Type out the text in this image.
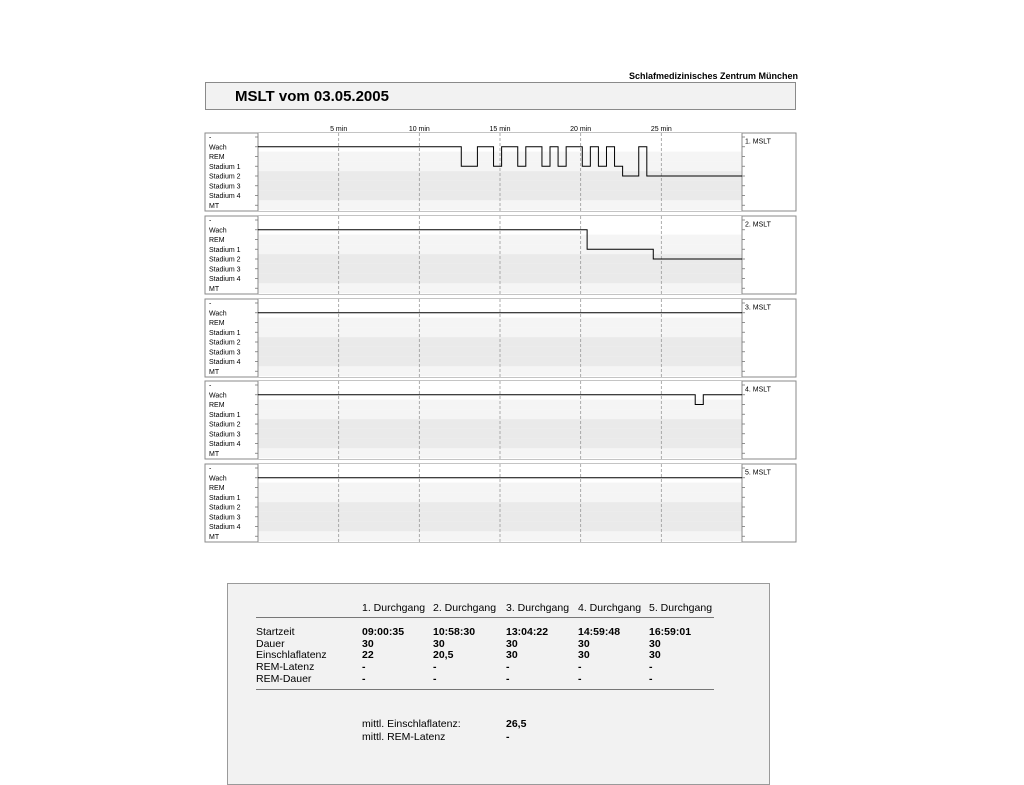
Schlafmedizinisches Zentrum München
MSLT vom 03.05.2005
5 min	10 min	15 min	20 min	25 min
-
Wach
REM
Stadium 1
Stadium 2
Stadium 3
Stadium 4
MT
1. MSLT
-
Wach
REM
Stadium 1
Stadium 2
Stadium 3
Stadium 4
MT
2. MSLT
-
Wach
REM
Stadium 1
Stadium 2
Stadium 3
Stadium 4
MT
3. MSLT
-
Wach
REM
Stadium 1
Stadium 2
Stadium 3
Stadium 4
MT
4. MSLT
-
Wach
REM
Stadium 1
Stadium 2
Stadium 3
Stadium 4
MT
5. MSLT
1. Durchgang 2. Durchgang 3. Durchgang 4. Durchgang 5. Durchgang
Startzeit	09:00:35	10:58:30	13:04:22	14:59:48	16:59:01
Dauer	30	30	30	30	30
Einschlaflatenz	22	20,5	30	30	30
REM-Latenz	-	-	-	-	-
REM-Dauer	-	-	-	-	-
mittl. Einschlaflatenz:	26,5
mittl. REM-Latenz	-
